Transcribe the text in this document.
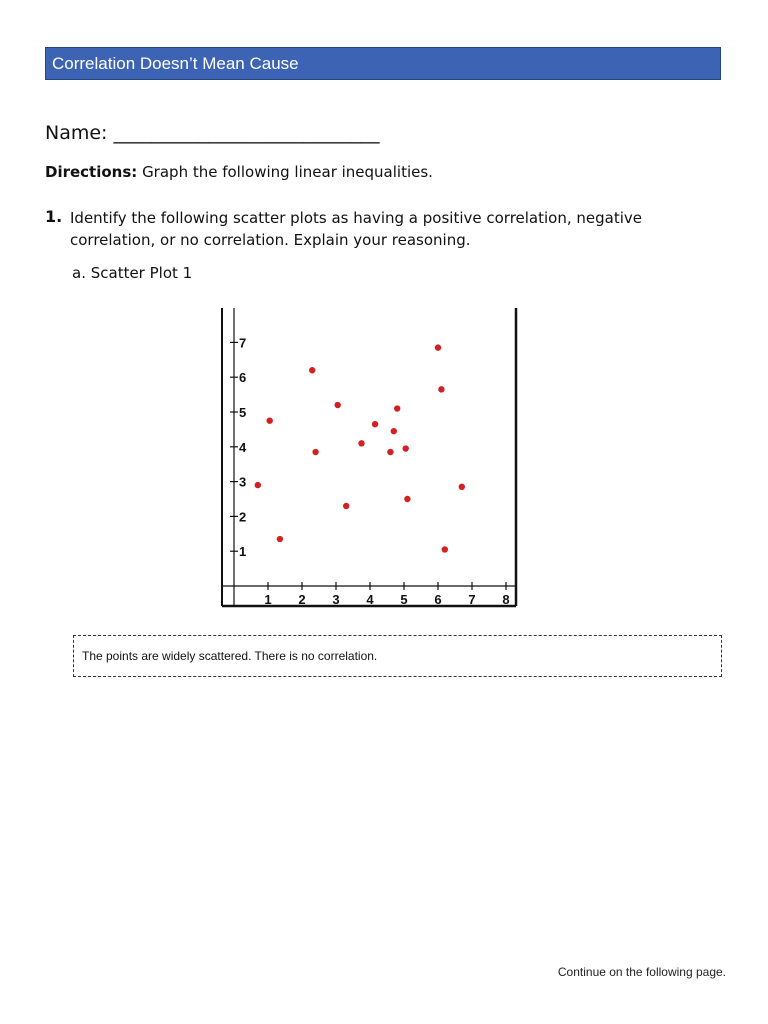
Correlation Doesn’t Mean Cause
Name: ____________________________
Directions: Graph the following linear inequalities.
1. Identify the following scatter plots as having a positive correlation, negative correlation, or no correlation. Explain your reasoning.
a. Scatter Plot 1
1 2 3 4 5 6 7 8
1
2
3
4
5
6
7
The points are widely scattered. There is no correlation.
Continue on the following page.
